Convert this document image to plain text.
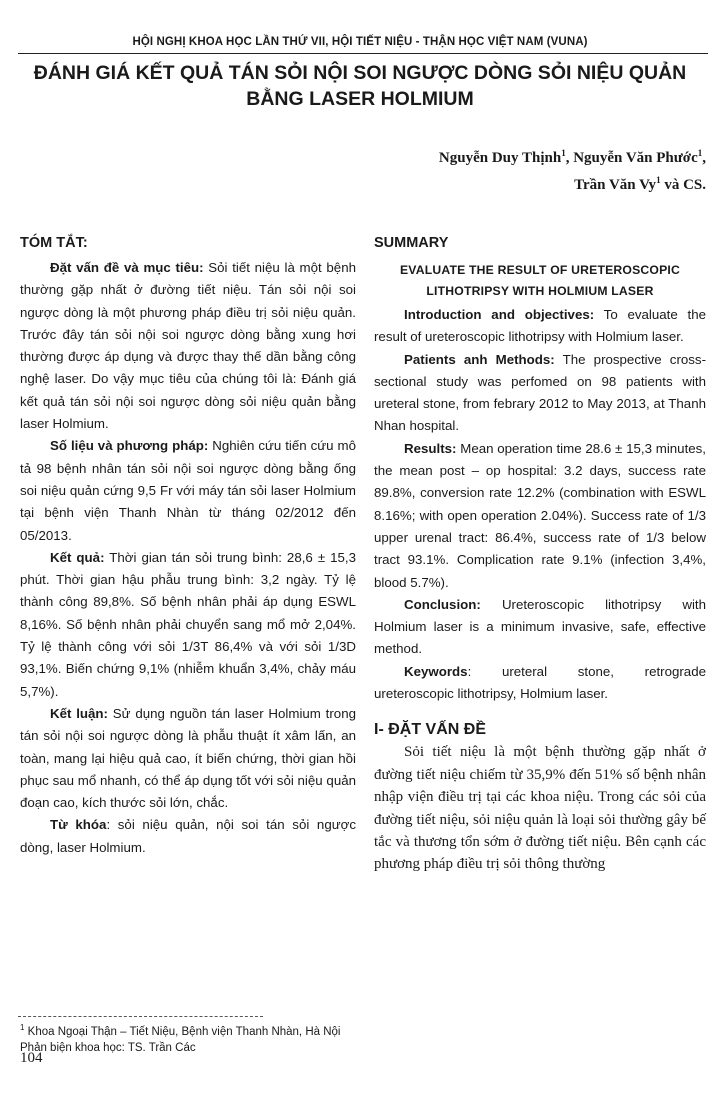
HỘI NGHỊ KHOA HỌC LẦN THỨ VII, HỘI TIẾT NIỆU - THẬN HỌC VIỆT NAM (VUNA)
ĐÁNH GIÁ KẾT QUẢ TÁN SỎI NỘI SOI NGƯỢC DÒNG SỎI NIỆU QUẢN BẰNG LASER HOLMIUM
Nguyễn Duy Thịnh$^1$, Nguyễn Văn Phước$^1$,
Trần Văn Vy$^1$ và CS.
TÓM TẮT:

Đặt vấn đề và mục tiêu: Sỏi tiết niệu là một bệnh thường gặp nhất ở đường tiết niệu. Tán sỏi nội soi ngược dòng là một phương pháp điều trị sỏi niệu quản. Trước đây tán sỏi nội soi ngược dòng bằng xung hơi thường được áp dụng và được thay thế dần bằng công nghệ laser. Do vậy mục tiêu của chúng tôi là: Đánh giá kết quả tán sỏi nội soi ngược dòng sỏi niệu quản bằng laser Holmium.

Số liệu và phương pháp: Nghiên cứu tiến cứu mô tả 98 bệnh nhân tán sỏi nội soi ngược dòng bằng ống soi niệu quản cứng 9,5 Fr với máy tán sỏi laser Holmium tại bệnh viện Thanh Nhàn từ tháng 02/2012 đến 05/2013.

Kết quả: Thời gian tán sỏi trung bình: 28,6 ± 15,3 phút. Thời gian hậu phẫu trung bình: 3,2 ngày. Tỷ lệ thành công 89,8%. Số bệnh nhân phải áp dụng ESWL 8,16%. Số bệnh nhân phải chuyển sang mổ mở 2,04%. Tỷ lệ thành công với sỏi 1/3T 86,4% và với sỏi 1/3D 93,1%. Biến chứng 9,1% (nhiễm khuẩn 3,4%, chảy máu 5,7%).

Kết luận: Sử dụng nguồn tán laser Holmium trong tán sỏi nội soi ngược dòng là phẫu thuật ít xâm lấn, an toàn, mang lại hiệu quả cao, ít biến chứng, thời gian hồi phục sau mổ nhanh, có thể áp dụng tốt với sỏi niệu quản đoạn cao, kích thước sỏi lớn, chắc.

Từ khóa: sỏi niệu quản, nội soi tán sỏi ngược dòng, laser Holmium.

SUMMARY
EVALUATE THE RESULT OF URETEROSCOPIC LITHOTRIPSY WITH HOLMIUM LASER

Introduction and objectives: To evaluate the result of ureteroscopic lithotripsy with Holmium laser.

Patients anh Methods: The prospective cross-sectional study was perfomed on 98 patients with ureteral stone, from febrary 2012 to May 2013, at Thanh Nhan hospital.

Results: Mean operation time 28.6 ± 15,3 minutes, the mean post – op hospital: 3.2 days, success rate 89.8%, conversion rate 12.2% (combination with ESWL 8.16%; with open operation 2.04%). Success rate of 1/3 upper urenal tract: 86.4%, success rate of 1/3 below tract 93.1%. Complication rate 9.1% (infection 3,4%, blood 5.7%).

Conclusion: Ureteroscopic lithotripsy with Holmium laser is a minimum invasive, safe, effective method.

Keywords: ureteral stone, retrograde ureteroscopic lithotripsy, Holmium laser.

I- ĐẶT VẤN ĐỀ

Sỏi tiết niệu là một bệnh thường gặp nhất ở đường tiết niệu chiếm từ 35,9% đến 51% số bệnh nhân nhập viện điều trị tại các khoa niệu. Trong các sỏi của đường tiết niệu, sỏi niệu quản là loại sỏi thường gây bế tắc và thương tổn sớm ở đường tiết niệu. Bên cạnh các phương pháp điều trị sỏi thông thường

$^1$ Khoa Ngoại Thận – Tiết Niệu, Bệnh viện Thanh Nhàn, Hà Nội
Phản biện khoa học: TS. Trần Các
104
